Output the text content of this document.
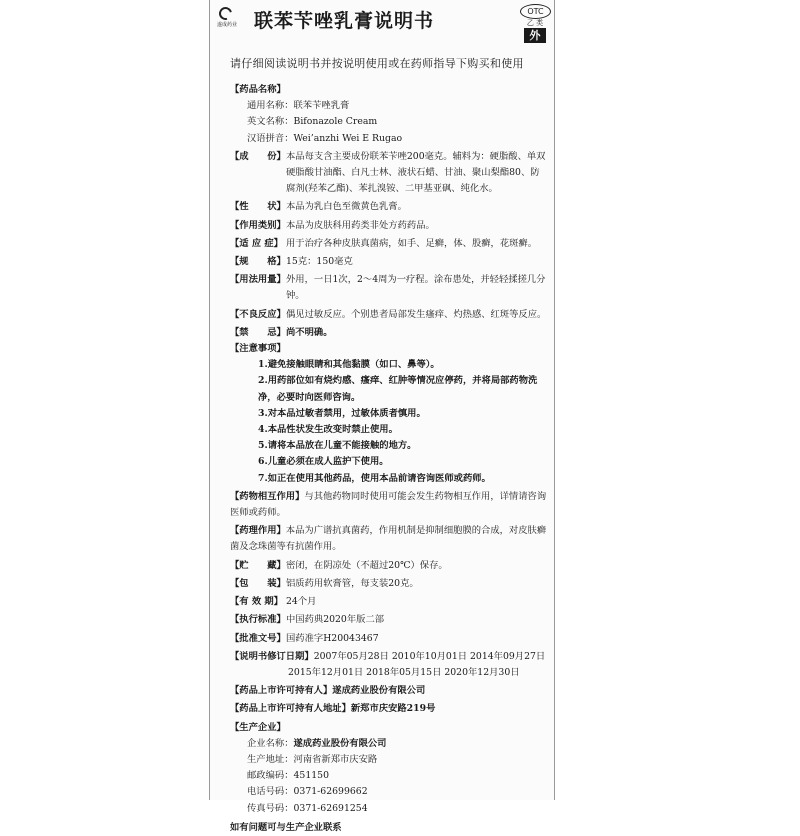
遂成药业 联苯苄唑乳膏说明书	OTC
乙 类
外
请仔细阅读说明书并按说明使用或在药师指导下购买和使用
【药品名称】
通用名称： 联苯苄唑乳膏
英文名称： Bifonazole Cream
汉语拼音： Wei’anzhi Wei E Rugao
【成　　份】 本品每支含主要成份联苯苄唑200毫克。辅料为：硬脂酸、单双硬脂酸甘油酯、白凡士林、液状石蜡、甘油、聚山梨酯80、防腐剂(羟苯乙酯)、苯扎溴铵、二甲基亚砜、纯化水。
【性　　状】 本品为乳白色至微黄色乳膏。
【作用类别】 本品为皮肤科用药类非处方药药品。
【适 应 症】 用于治疗各种皮肤真菌病，如手、足癣，体、股癣，花斑癣。
【规　　格】 15克：150毫克
【用法用量】 外用，一日1次，2～4周为一疗程。涂布患处，并轻轻揉搓几分钟。
【不良反应】 偶见过敏反应。个别患者局部发生瘙痒、灼热感、红斑等反应。
【禁　　忌】 尚不明确。
【注意事项】
1.避免接触眼睛和其他黏膜（如口、鼻等）。
2.用药部位如有烧灼感、瘙痒、红肿等情况应停药，并将局部药物洗净，必要时向医师咨询。
3.对本品过敏者禁用，过敏体质者慎用。
4.本品性状发生改变时禁止使用。
5.请将本品放在儿童不能接触的地方。
6.儿童必须在成人监护下使用。
7.如正在使用其他药品，使用本品前请咨询医师或药师。
【药物相互作用】与其他药物同时使用可能会发生药物相互作用，详情请咨询医师或药师。
【药理作用】本品为广谱抗真菌药，作用机制是抑制细胞膜的合成，对皮肤癣菌及念珠菌等有抗菌作用。
【贮　　藏】 密闭，在阴凉处（不超过20℃）保存。
【包　　装】 铝质药用软膏管，每支装20克。
【有 效 期】 24个月
【执行标准】 中国药典2020年版二部
【批准文号】 国药准字H20043467
【说明书修订日期】2007年05月28日 2010年10月01日 2014年09月27日
2015年12月01日 2018年05月15日 2020年12月30日
【药品上市许可持有人】遂成药业股份有限公司
【药品上市许可持有人地址】新郑市庆安路219号
【生产企业】
企业名称： 遂成药业股份有限公司
生产地址： 河南省新郑市庆安路
邮政编码： 451150
电话号码： 0371-62699662
传真号码： 0371-62691254
如有问题可与生产企业联系
